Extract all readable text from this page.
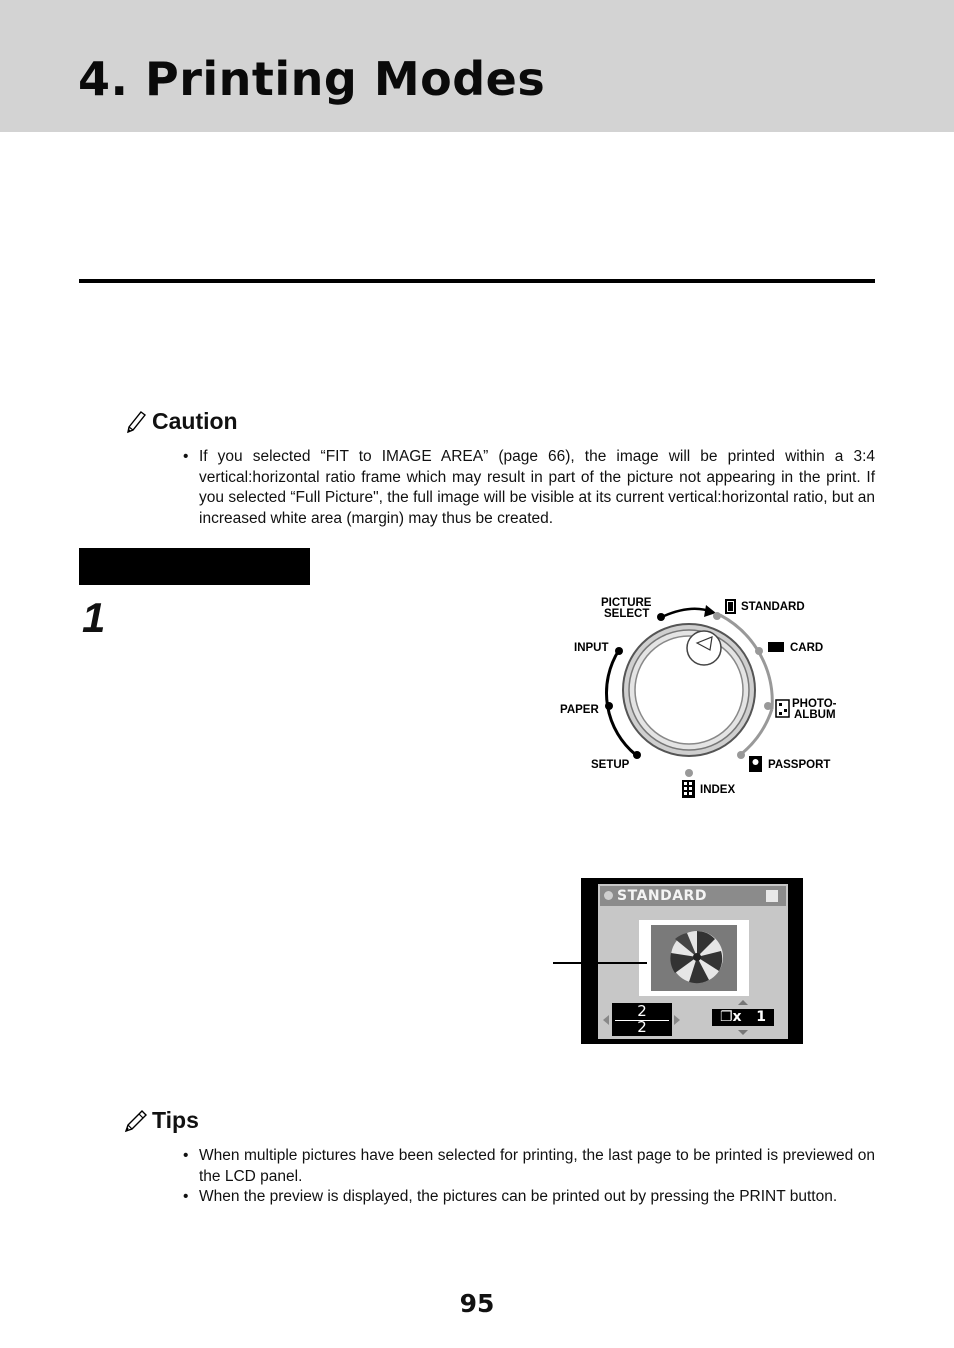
4. Printing Modes
Caution
• If you selected “FIT to IMAGE AREA” (page 66), the image will be printed within a 3:4 vertical:horizontal ratio frame which may result in part of the picture not appearing in the print. If you selected “Full Picture", the full image will be visible at its current vertical:horizontal ratio, but an increased white area (margin) may thus be created.
1	PICTURE
SELECT
INPUT
PAPER
SETUP
STANDARD
CARD
PHOTO-
ALBUM
PASSPORT
INDEX
STANDARD
2
2
❐x 1
Tips
• When multiple pictures have been selected for printing, the last page to be printed is previewed on the LCD panel.
• When the preview is displayed, the pictures can be printed out by pressing the PRINT button.
95
